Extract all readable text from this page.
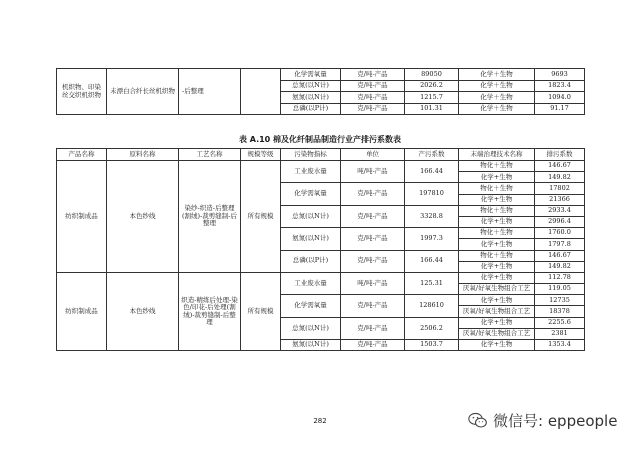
机织物、印染丝交织机织物	未漂白合纤长丝机织物	-后整理		化学需氧量	克/吨-产品	89050	化学＋生物	9693
				总氮(以N计)	克/吨-产品	2026.2	化学＋生物	1823.4
				氨氮(以N计)	克/吨-产品	1215.7	化学＋生物	1094.0
				总磷(以P计)	克/吨-产品	101.31	化学＋生物	91.17
表 A.10 棉及化纤制品制造行业产排污系数表
产品名称	原料名称	工艺名称	规模等级	污染物指标	单位	产污系数	末端治理技术名称	排污系数
纺织制成品	本色纱线	染纱-织造-后整理(割绒)-裁剪缝制-后整理	所有规模	工业废水量	吨/吨-产品	166.44	物化＋生物	146.67
							化学+生物	149.82
				化学需氧量	克/吨-产品	197810	物化＋生物	17802
							化学+生物	21366
				总氮(以N计)	克/吨-产品	3328.8	物化＋生物	2933.4
							化学+生物	2996.4
				氨氮(以N计)	克/吨-产品	1997.3	物化＋生物	1760.0
							化学+生物	1797.8
				总磷(以P计)	克/吨-产品	166.44	物化＋生物	146.67
							化学+生物	149.82
纺织制成品	本色纱线	织造-精练后处理-染色/印花-后处理(割绒)-裁剪缝制-后整理	所有规模	工业废水量	吨/吨-产品	125.31	化学+生物	112.78
							厌氧/好氧生物组合工艺	119.05
				化学需氧量	克/吨-产品	128610	化学+生物	12735
							厌氧/好氧生物组合工艺	18378
				总氮(以N计)	克/吨-产品	2506.2	化学+生物	2255.6
							厌氧/好氧生物组合工艺	2381
				氨氮(以N计)	克/吨-产品	1503.7	化学+生物	1353.4
282	微信号: eppeople
